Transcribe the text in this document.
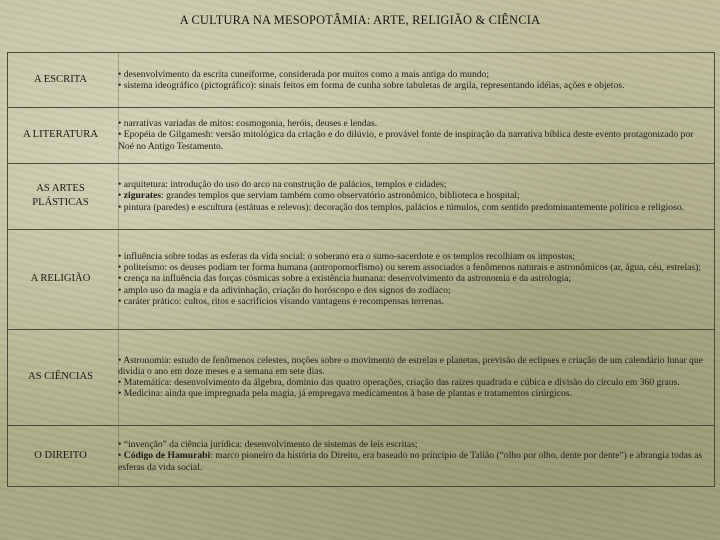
A CULTURA NA MESOPOTÂMIA: ARTE, RELIGIÃO & CIÊNCIA
A ESCRITA	• desenvolvimento da escrita cuneiforme, considerada por muitos como a mais antiga do mundo;
• sistema ideográfico (pictográfico): sinais feitos em forma de cunha sobre tabuletas de argila, representando idéias, ações e objetos.
A LITERATURA
• narrativas variadas de mitos: cosmogonia, heróis, deuses e lendas.
• Epopéia de Gilgamesh: versão mitológica da criação e do dilúvio, e provável fonte de inspiração da narrativa bíblica deste evento protagonizado por Noé no Antigo Testamento.
AS ARTES PLÁSTICAS
• arquitetura: introdução do uso do arco na construção de palácios, templos e cidades;
• zigurates: grandes templos que serviam também como observatório astronômico, biblioteca e hospital;
• pintura (paredes) e escultura (estátuas e relevos): decoração dos templos, palácios e túmulos, com sentido predominantemente político e religioso.
A RELIGIÃO
• influência sobre todas as esferas da vida social: o soberano era o sumo-sacerdote e os templos recolhiam os impostos;
• politeísmo: os deuses podiam ter forma humana (antropomorfismo) ou serem associados a fenômenos naturais e astronômicos (ar, água, céu, estrelas);
• crença na influência das forças cósmicas sobre a existência humana: desenvolvimento da astronomia e da astrologia;
• amplo uso da magia e da adivinhação, criação do horóscopo e dos signos do zodíaco;
• caráter prático: cultos, ritos e sacrifícios visando vantagens e recompensas terrenas.
AS CIÊNCIAS
• Astronomia: estudo de fenômenos celestes, noções sobre o movimento de estrelas e planetas, previsão de eclipses e criação de um calendário lunar que dividia o ano em doze meses e a semana em sete dias.
• Matemática: desenvolvimento da álgebra, domínio das quatro operações, criação das raízes quadrada e cúbica e divisão do círculo em 360 graus.
• Medicina: ainda que impregnada pela magia, já empregava medicamentos à base de plantas e tratamentos cirúrgicos.
O DIREITO
• “invenção” da ciência jurídica: desenvolvimento de sistemas de leis escritas;
• Código de Hamurabi: marco pioneiro da história do Direito, era baseado no princípio de Talião (“olho por olho, dente por dente”) e abrangia todas as esferas da vida social.
